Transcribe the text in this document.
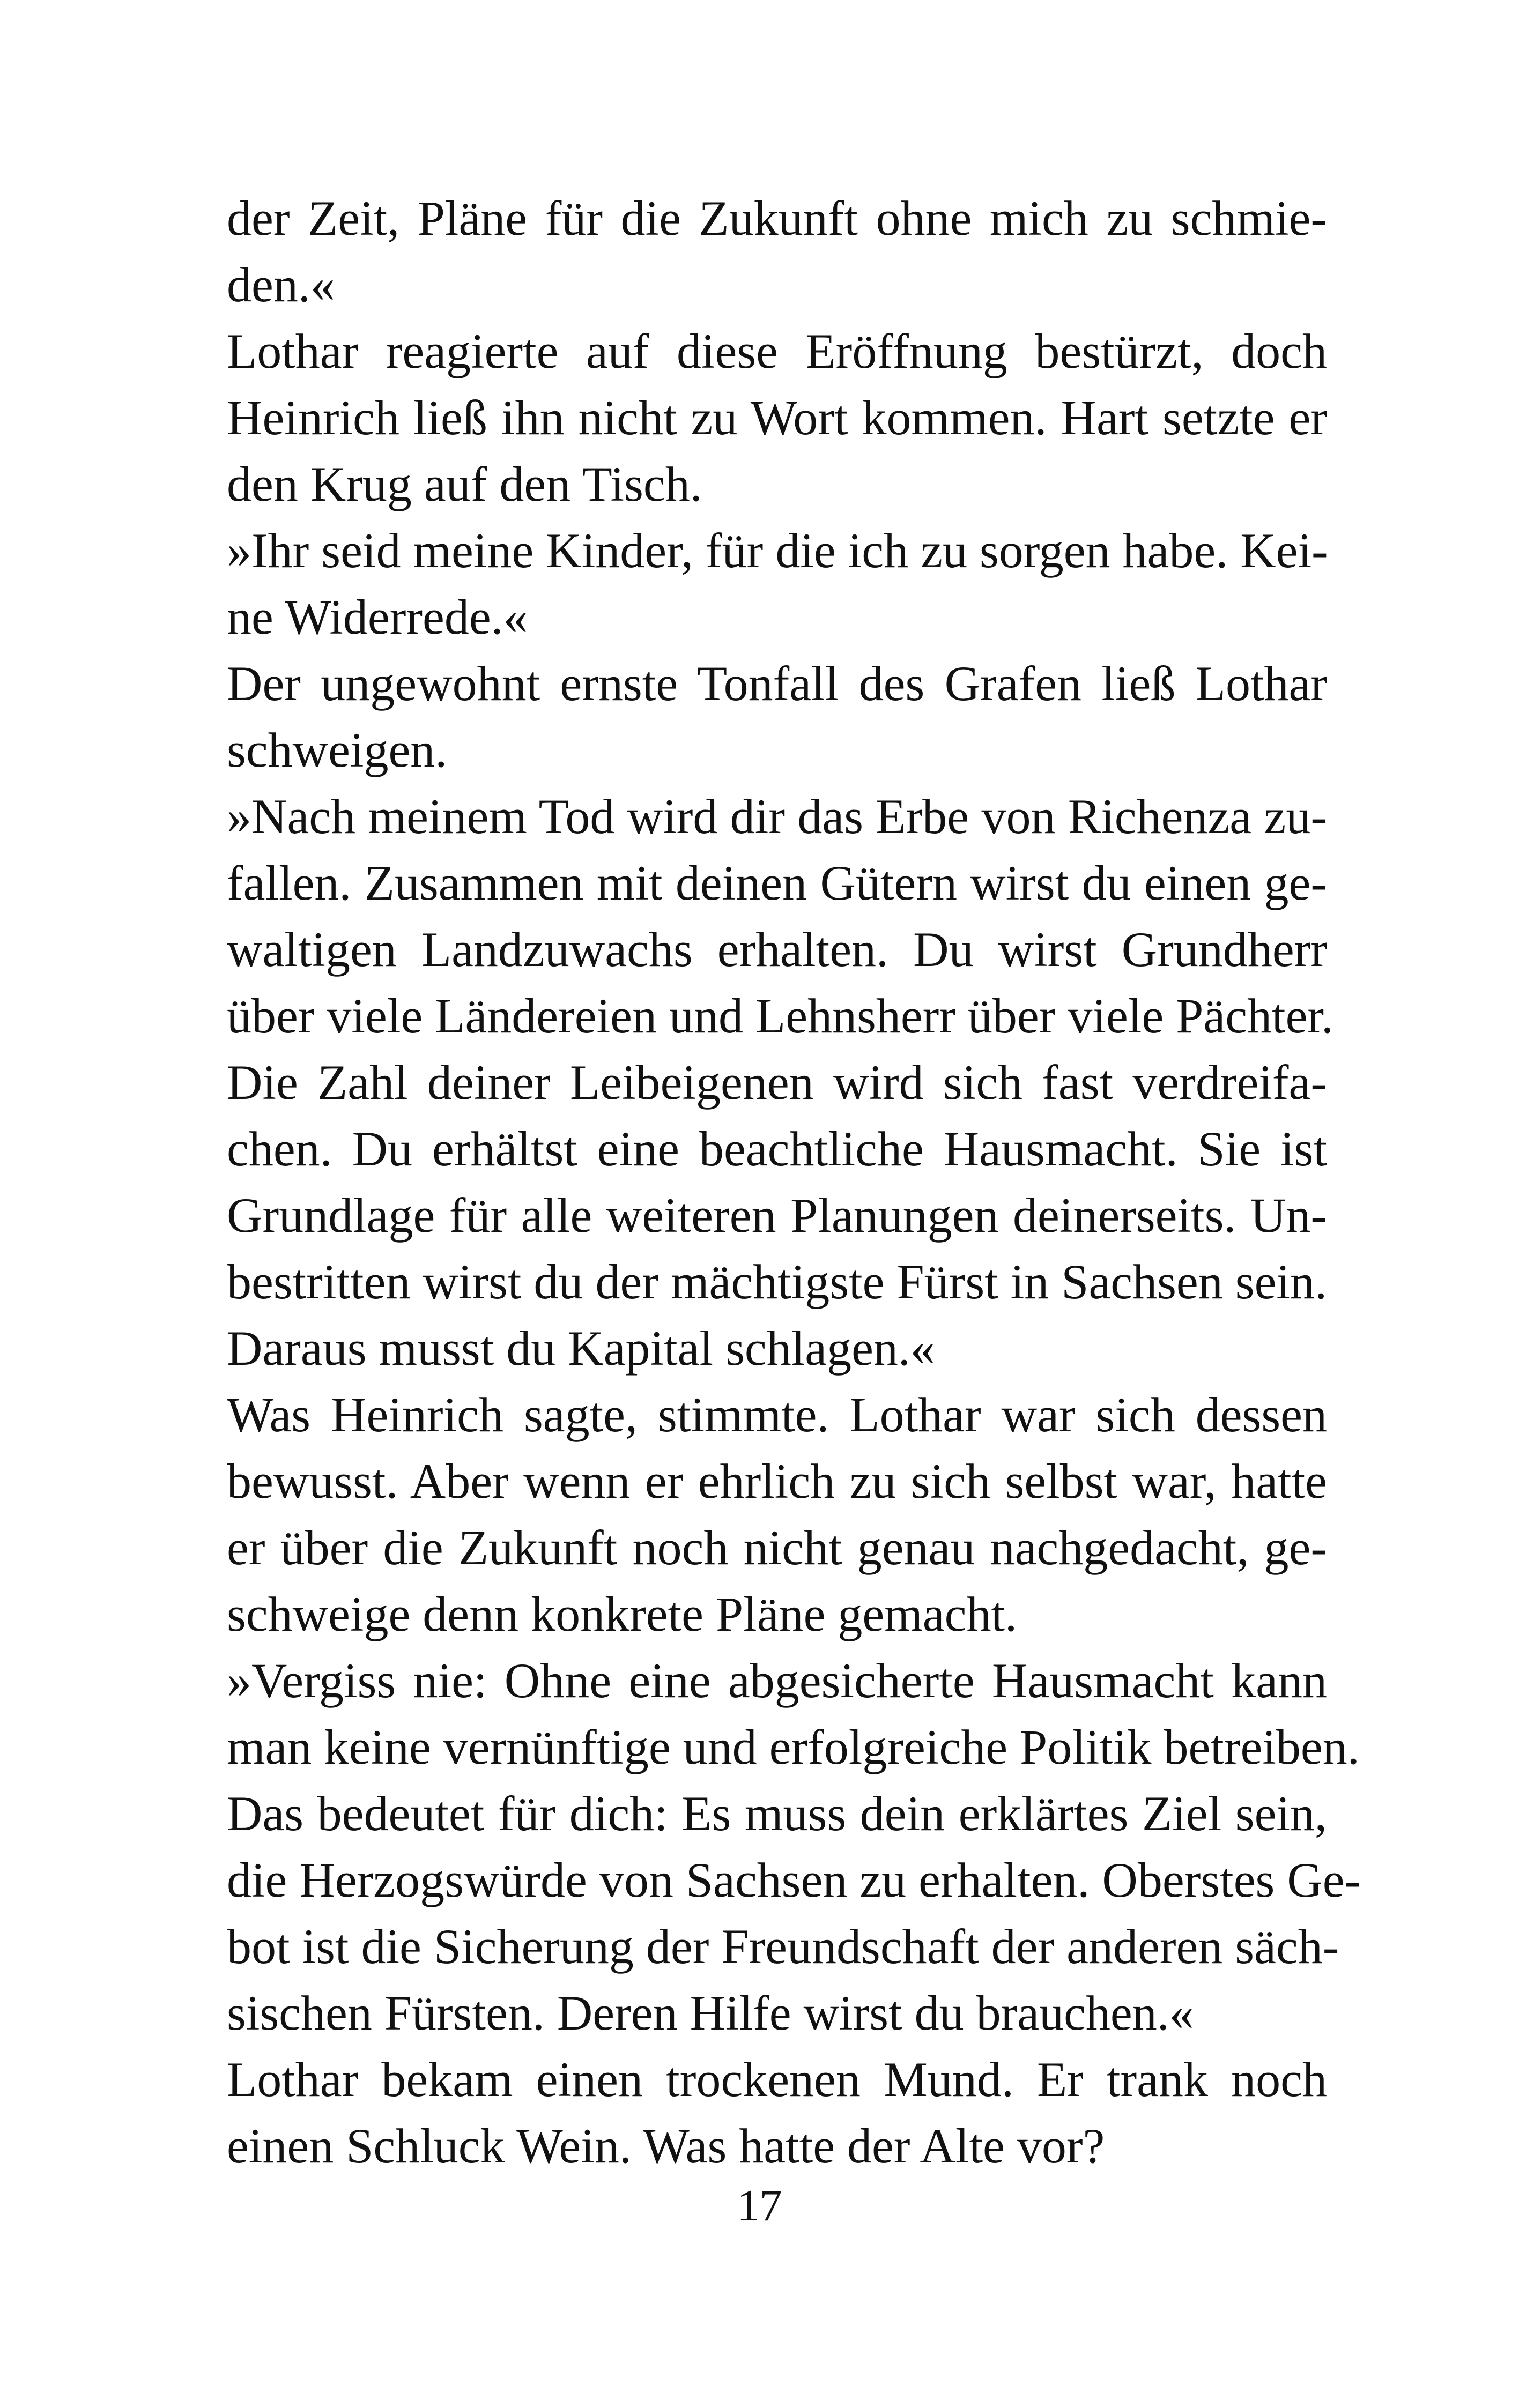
der Zeit, Pläne für die Zukunft ohne mich zu schmie-
den.«
Lothar reagierte auf diese Eröffnung bestürzt, doch
Heinrich ließ ihn nicht zu Wort kommen. Hart setzte er
den Krug auf den Tisch.
»Ihr seid meine Kinder, für die ich zu sorgen habe. Kei-
ne Widerrede.«
Der ungewohnt ernste Tonfall des Grafen ließ Lothar
schweigen.
»Nach meinem Tod wird dir das Erbe von Richenza zu-
fallen. Zusammen mit deinen Gütern wirst du einen ge-
waltigen Landzuwachs erhalten. Du wirst Grundherr
über viele Ländereien und Lehnsherr über viele Pächter.
Die Zahl deiner Leibeigenen wird sich fast verdreifa-
chen. Du erhältst eine beachtliche Hausmacht. Sie ist
Grundlage für alle weiteren Planungen deinerseits. Un-
bestritten wirst du der mächtigste Fürst in Sachsen sein.
Daraus musst du Kapital schlagen.«
Was Heinrich sagte, stimmte. Lothar war sich dessen
bewusst. Aber wenn er ehrlich zu sich selbst war, hatte
er über die Zukunft noch nicht genau nachgedacht, ge-
schweige denn konkrete Pläne gemacht.
»Vergiss nie: Ohne eine abgesicherte Hausmacht kann
man keine vernünftige und erfolgreiche Politik betreiben.
Das bedeutet für dich: Es muss dein erklärtes Ziel sein,
die Herzogswürde von Sachsen zu erhalten. Oberstes Ge-
bot ist die Sicherung der Freundschaft der anderen säch-
sischen Fürsten. Deren Hilfe wirst du brauchen.«
Lothar bekam einen trockenen Mund. Er trank noch
einen Schluck Wein. Was hatte der Alte vor?
17
